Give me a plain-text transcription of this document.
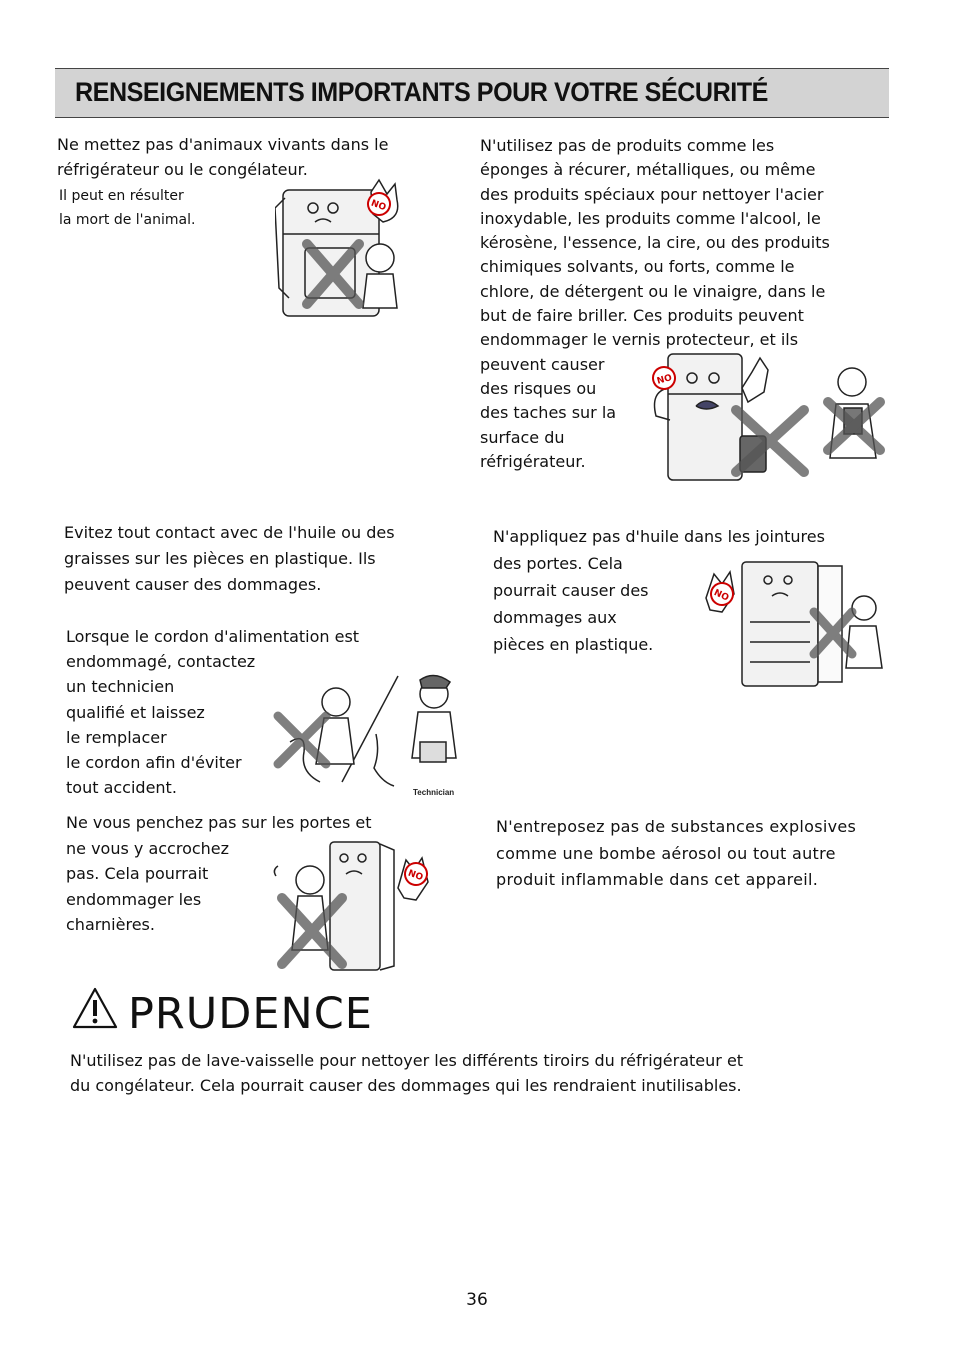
RENSEIGNEMENTS IMPORTANTS POUR VOTRE SÉCURITÉ
Ne mettez pas d'animaux vivants dans le
réfrigérateur ou le congélateur.
Il peut en résulter
la mort de l'animal.
NO
N'utilisez pas de produits comme les
éponges à récurer, métalliques, ou même
des produits spéciaux pour nettoyer l'acier
inoxydable, les produits comme l'alcool, le
kérosène, l'essence, la cire, ou des produits
chimiques solvants, ou forts, comme le
chlore, de détergent ou le vinaigre, dans le
but de faire briller. Ces produits peuvent
endommager le vernis protecteur, et ils
peuvent causer
des risques ou
des taches sur la
surface du
réfrigérateur.
NO
Evitez tout contact avec de l'huile ou des
graisses sur les pièces en plastique. Ils
peuvent causer des dommages.
N'appliquez pas d'huile dans les jointures
des portes. Cela
pourrait causer des
dommages aux
pièces en plastique.
NO
Lorsque le cordon d'alimentation est
endommagé, contactez
un technicien
qualifié et laissez
le remplacer
le cordon afin d'éviter
tout accident.	Technician
Ne vous penchez pas sur les portes et
ne vous y accrochez
pas. Cela pourrait
endommager les
charnières.
NO
N'entreposez pas de substances explosives
comme une bombe aérosol ou tout autre
produit inflammable dans cet appareil.
PRUDENCE
N'utilisez pas de lave-vaisselle pour nettoyer les différents tiroirs du réfrigérateur et
du congélateur. Cela pourrait causer des dommages qui les rendraient inutilisables.
36
